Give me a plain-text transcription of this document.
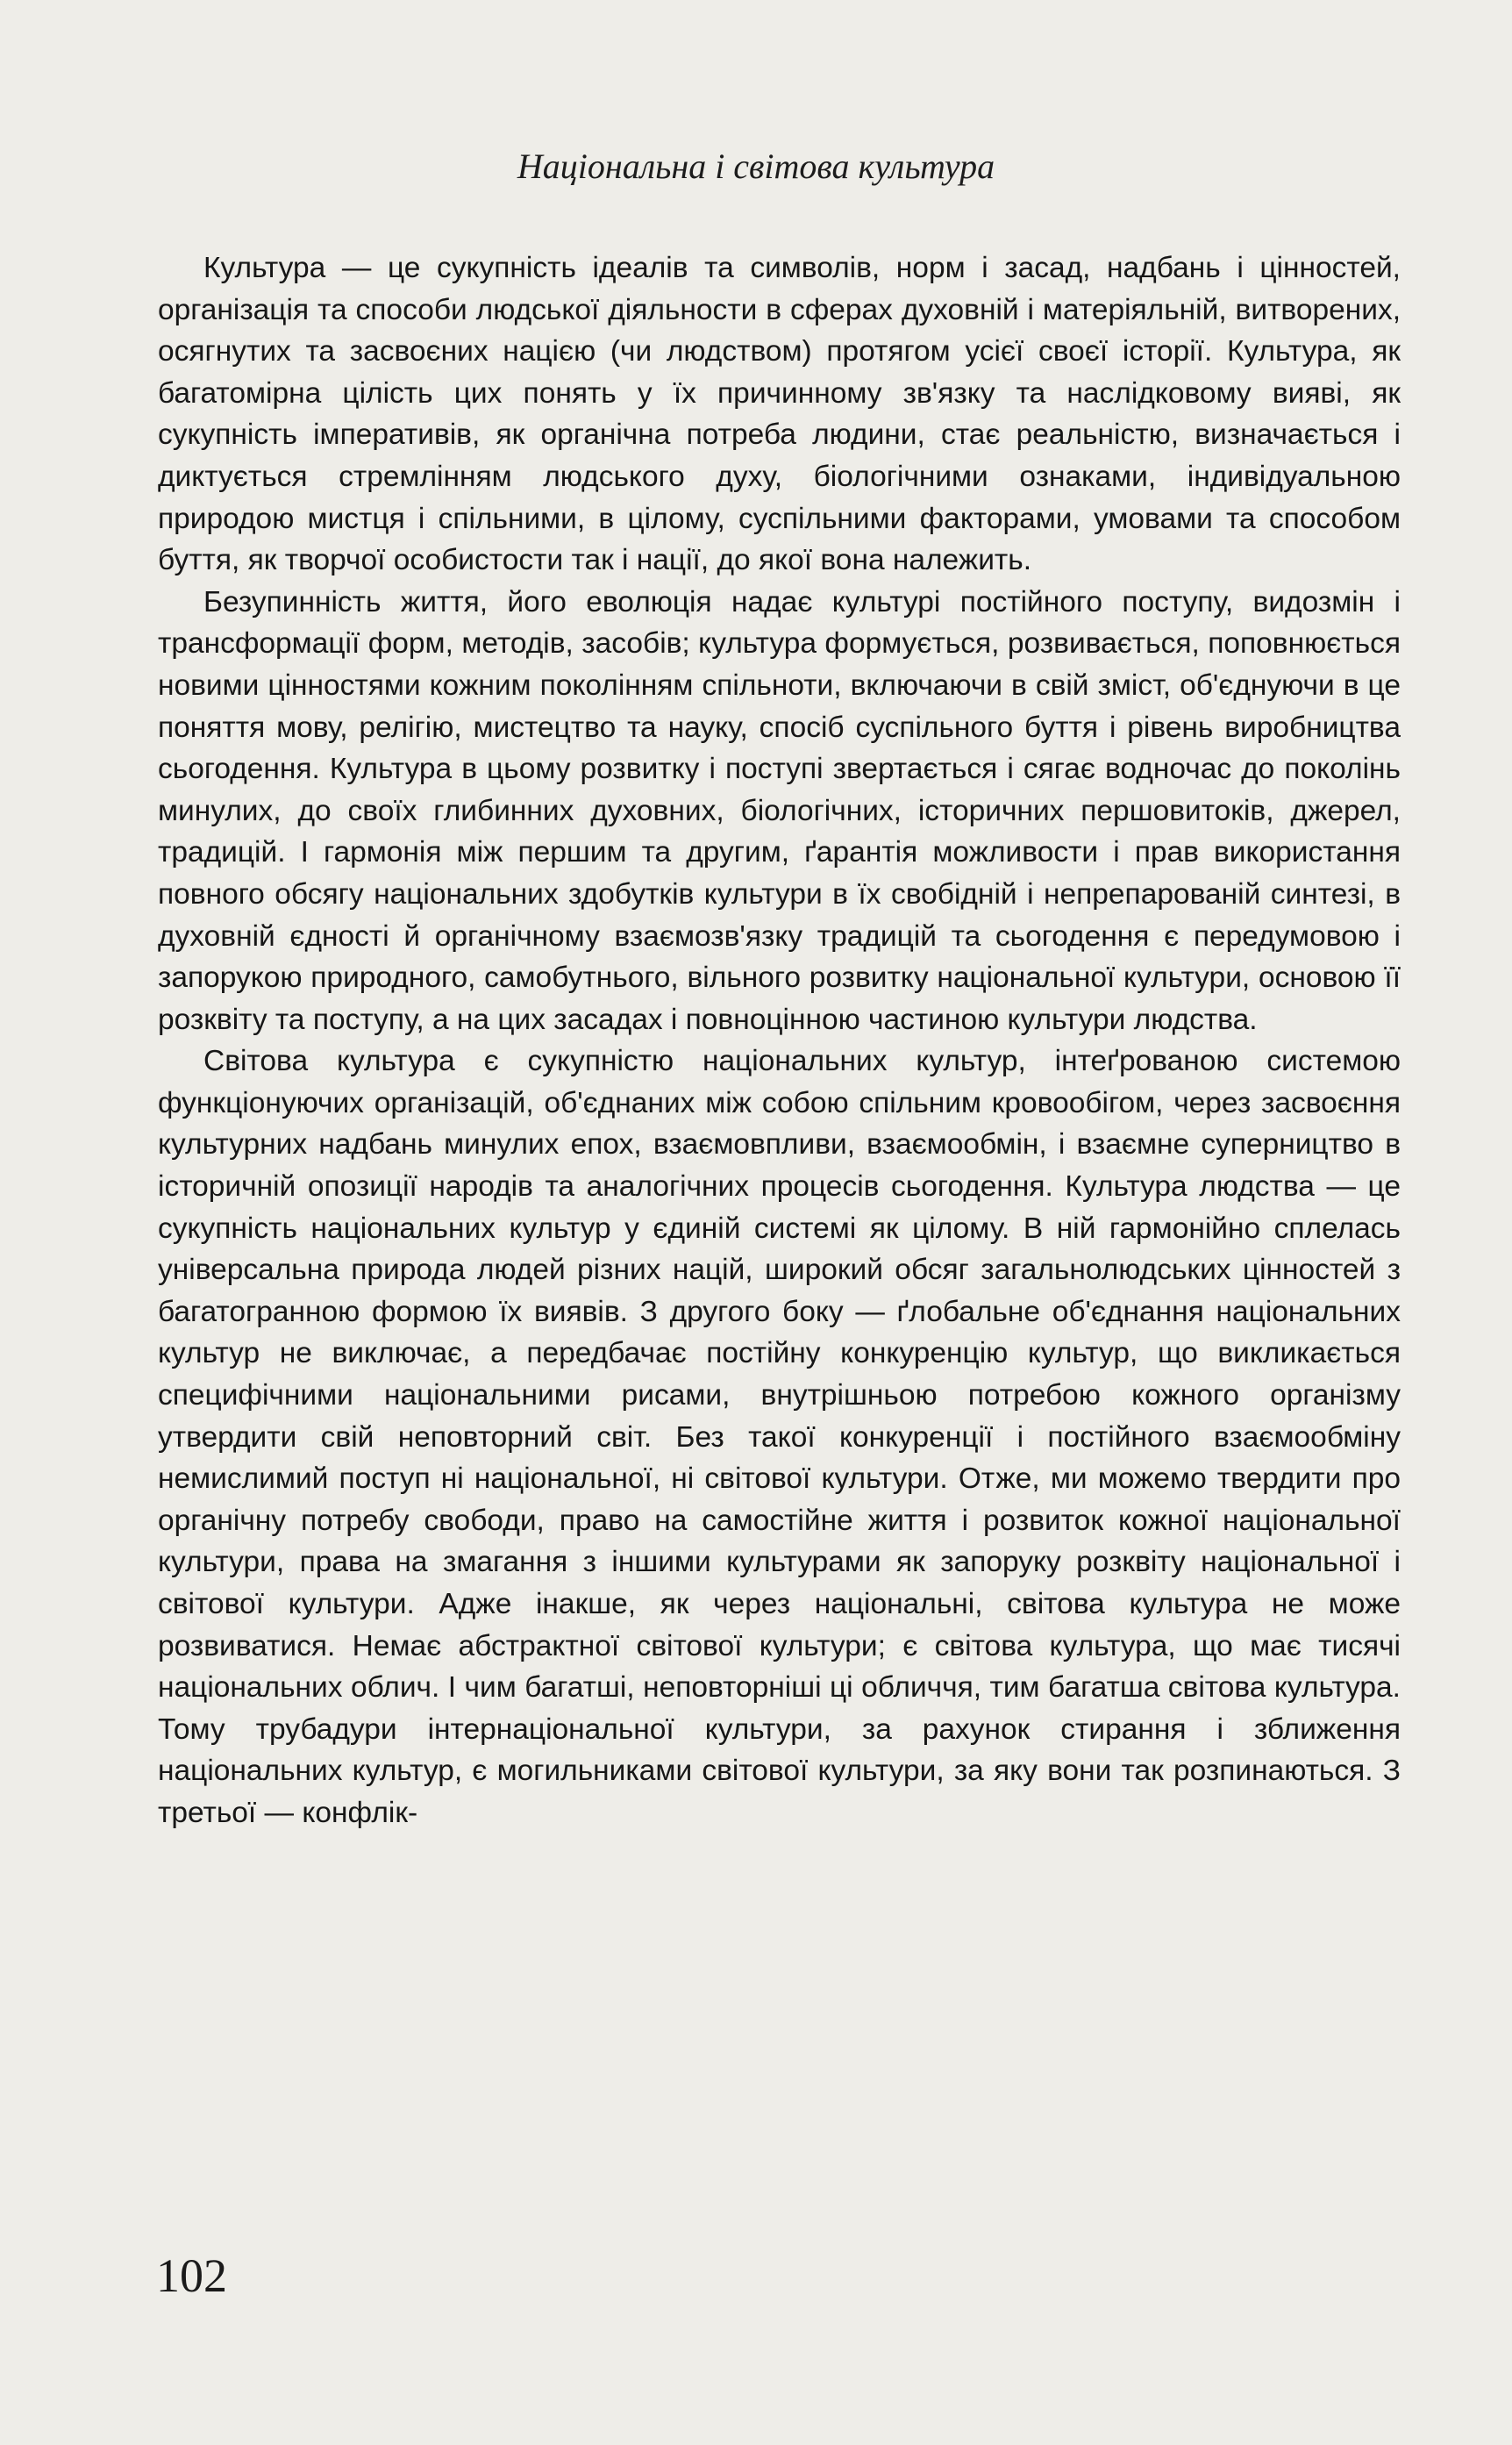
Національна і світова культура

Культура — це сукупність ідеалів та символів, норм і засад, надбань і цінностей, організація та способи людської діяльности в сферах духовній і матеріяльній, витворених, осягнутих та засвоєних нацією (чи людством) протягом усієї своєї історії. Культура, як багатомірна цілість цих понять у їх причинному зв'язку та наслідковому вияві, як сукупність імперативів, як органічна потреба людини, стає реальністю, визначається і диктується стремлінням людського духу, біологічними ознаками, індивідуальною природою мистця і спільними, в цілому, суспільними факторами, умовами та способом буття, як творчої особистости так і нації, до якої вона належить.

Безупинність життя, його еволюція надає культурі постійного поступу, видозмін і трансформації форм, методів, засобів; культура формується, розвивається, поповнюється новими цінностями кожним поколінням спільноти, включаючи в свій зміст, об'єднуючи в це поняття мову, релігію, мистецтво та науку, спосіб суспільного буття і рівень виробництва сьогодення. Культура в цьому розвитку і поступі звертається і сягає водночас до поколінь минулих, до своїх глибинних духовних, біологічних, історичних першовитоків, джерел, традицій. І гармонія між першим та другим, ґарантія можливости і прав використання повного обсягу національних здобутків культури в їх свобідній і непрепарованій синтезі, в духовній єдності й органічному взаємозв'язку традицій та сьогодення є передумовою і запорукою природного, самобутнього, вільного розвитку національної культури, основою її розквіту та поступу, а на цих засадах і повноцінною частиною культури людства.

Світова культура є сукупністю національних культур, інтеґрованою системою функціонуючих організацій, об'єднаних між собою спільним кровообігом, через засвоєння культурних надбань минулих епох, взаємовпливи, взаємообмін, і взаємне суперництво в історичній опозиції народів та аналогічних процесів сьогодення. Культура людства — це сукупність національних культур у єдиній системі як цілому. В ній гармонійно сплелась універсальна природа людей різних націй, широкий обсяг загальнолюдських цінностей з багатогранною формою їх виявів. З другого боку — ґлобальне об'єднання національних культур не виключає, а передбачає постійну конкуренцію культур, що викликається специфічними національними рисами, внутрішньою потребою кожного організму утвердити свій неповторний світ. Без такої конкуренції і постійного взаємообміну немислимий поступ ні національної, ні світової культури. Отже, ми можемо твердити про органічну потребу свободи, право на самостійне життя і розвиток кожної національної культури, права на змагання з іншими культурами як запоруку розквіту національної і світової культури. Адже інакше, як через національні, світова культура не може розвиватися. Немає абстрактної світової культури; є світова культура, що має тисячі національних облич. І чим багатші, неповторніші ці обличчя, тим багатша світова культура. Тому трубадури інтернаціональної культури, за рахунок стирання і зближення національних культур, є могильниками світової культури, за яку вони так розпинаються. З третьої — конфлік-

102
